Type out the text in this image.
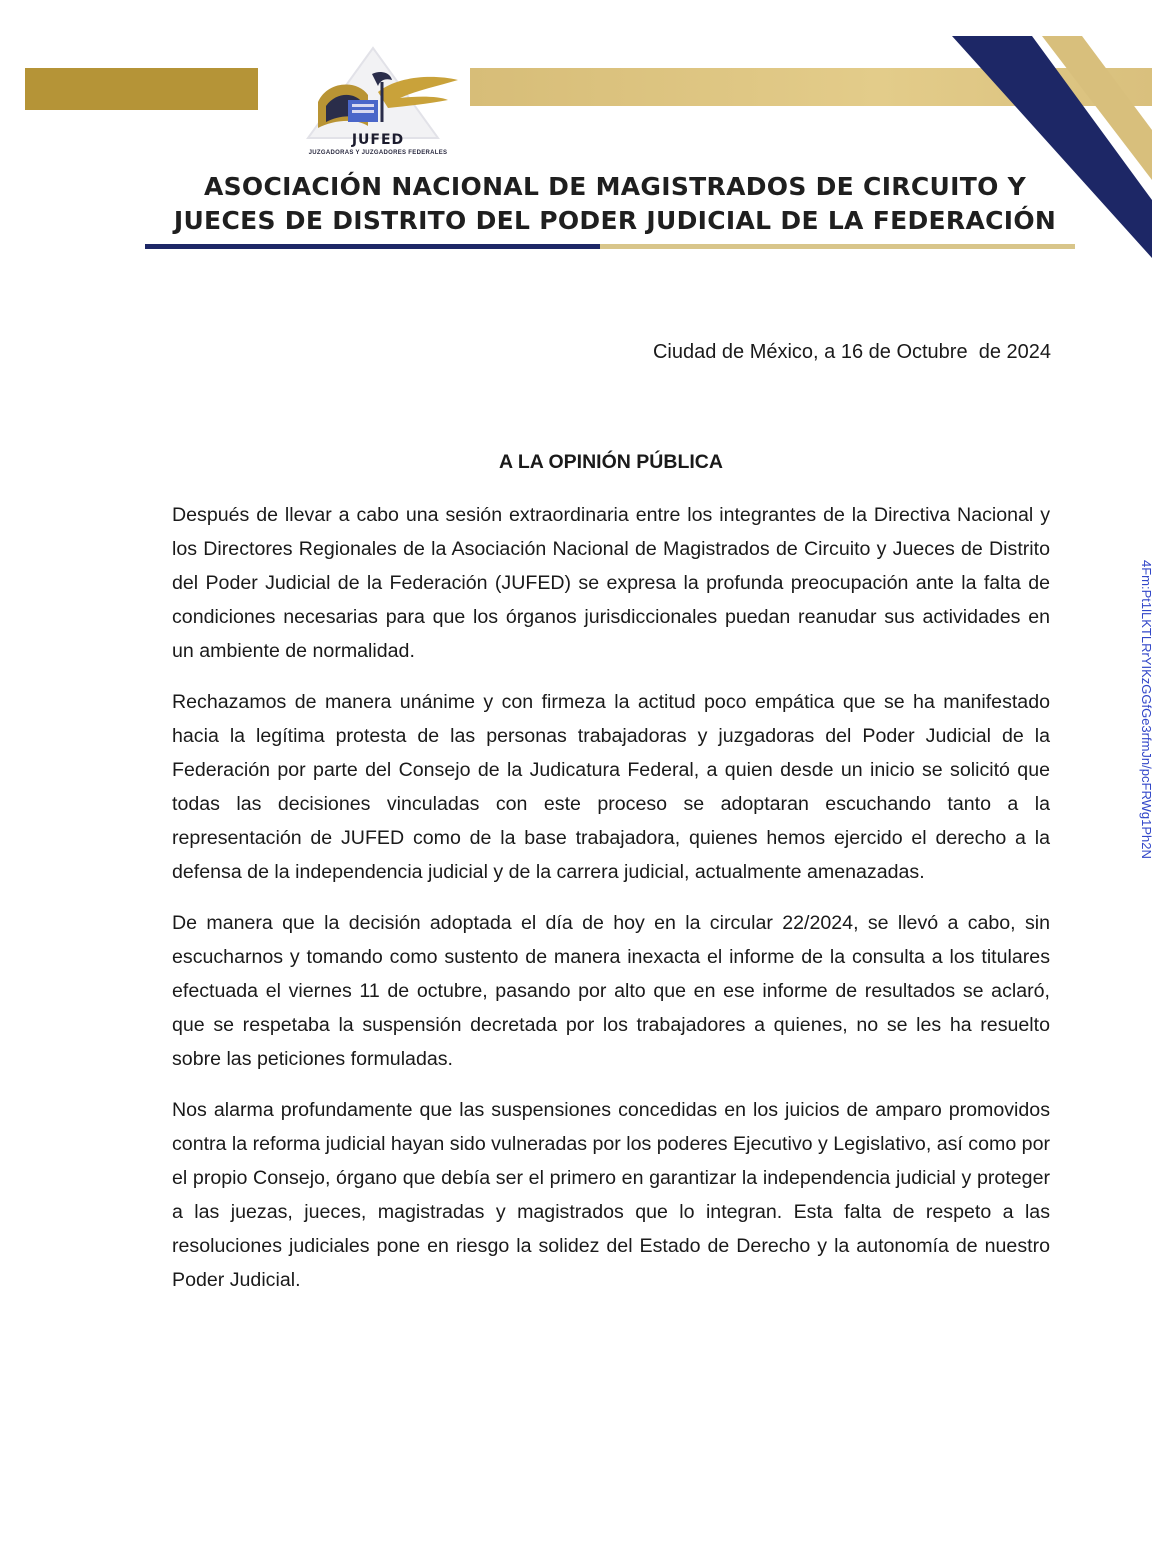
JUFED
JUZGADORAS Y JUZGADORES FEDERALES
ASOCIACIÓN NACIONAL DE MAGISTRADOS DE CIRCUITO Y
JUECES DE DISTRITO DEL PODER JUDICIAL DE LA FEDERACIÓN
Ciudad de México, a 16 de Octubre  de 2024
A LA OPINIÓN PÚBLICA

Después de llevar a cabo una sesión extraordinaria entre los integrantes de la Directiva Nacional y los Directores Regionales de la Asociación Nacional de Magistrados de Circuito y Jueces de Distrito del Poder Judicial de la Federación (JUFED) se expresa la profunda preocupación ante la falta de condiciones necesarias para que los órganos jurisdiccionales puedan reanudar sus actividades en un ambiente de normalidad.

Rechazamos de manera unánime y con firmeza la actitud poco empática que se ha manifestado hacia la legítima protesta de las personas trabajadoras y juzgadoras del Poder Judicial de la Federación por parte del Consejo de la Judicatura Federal, a quien desde un inicio se solicitó que todas las decisiones vinculadas con este proceso se adoptaran escuchando tanto a la representación de JUFED como de la base trabajadora, quienes hemos ejercido el derecho a la defensa de la independencia judicial y de la carrera judicial, actualmente amenazadas.

De manera que la decisión adoptada el día de hoy en la circular 22/2024, se llevó a cabo, sin escucharnos y tomando como sustento de manera inexacta el informe de la consulta a los titulares efectuada el viernes 11 de octubre, pasando por alto que en ese informe de resultados se aclaró, que se respetaba la suspensión decretada por los trabajadores a quienes, no se les ha resuelto sobre las peticiones formuladas.

Nos alarma profundamente que las suspensiones concedidas en los juicios de amparo promovidos contra la reforma judicial hayan sido vulneradas por los poderes Ejecutivo y Legislativo, así como por el propio Consejo, órgano que debía ser el primero en garantizar la independencia judicial y proteger a las juezas, jueces, magistradas y magistrados que lo integran. Esta falta de respeto a las resoluciones judiciales pone en riesgo la solidez del Estado de Derecho y la autonomía de nuestro Poder Judicial.

4Fm:Pt1lLKTLRrYIKzGGfGe3rfmJn/pcFRWg1Ph2N
